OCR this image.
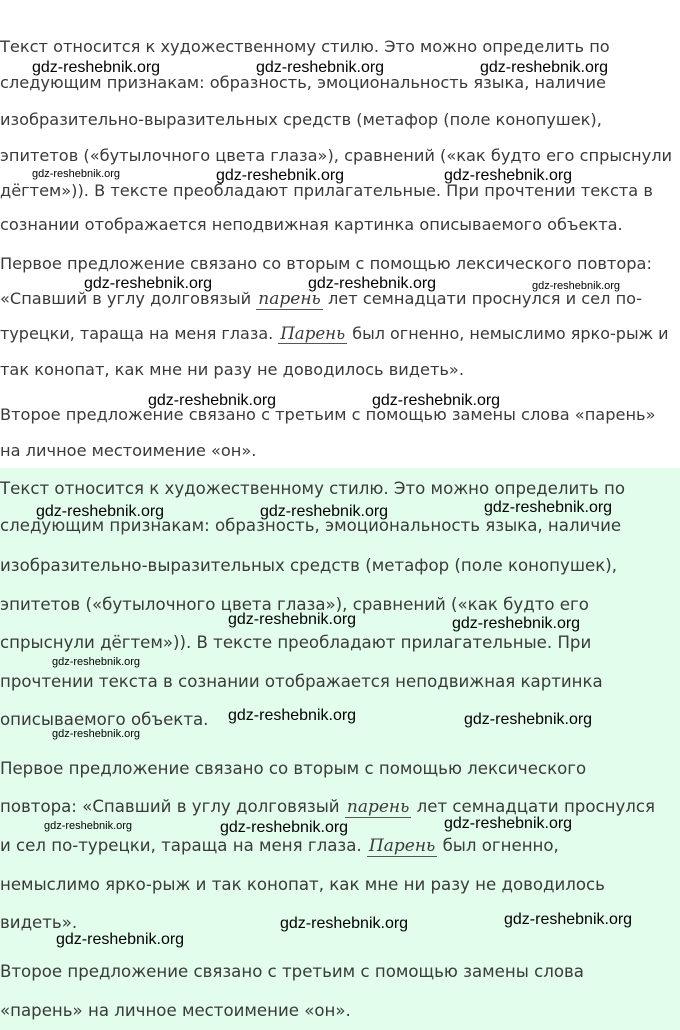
Текст относится к художественному стилю. Это можно определить по
следующим признакам: образность, эмоциональность языка, наличие
изобразительно-выразительных средств (метафор (поле конопушек),
эпитетов («бутылочного цвета глаза»), сравнений («как будто его спрыснули
дёгтем»)). В тексте преобладают прилагательные. При прочтении текста в
сознании отображается неподвижная картинка описываемого объекта.
Первое предложение связано со вторым с помощью лексического повтора:
«Спавший в углу долговязый парень лет семнадцати проснулся и сел по-
турецки, тараща на меня глаза. Парень был огненно, немыслимо ярко-рыж и
так конопат, как мне ни разу не доводилось видеть».
Второе предложение связано с третьим с помощью замены слова «парень»
на личное местоимение «он».
gdz-reshebnik.org	gdz-reshebnik.org	gdz-reshebnik.org
gdz-reshebnik.org	gdz-reshebnik.org	gdz-reshebnik.org
gdz-reshebnik.org	gdz-reshebnik.org	gdz-reshebnik.org
gdz-reshebnik.org	gdz-reshebnik.org
Текст относится к художественному стилю. Это можно определить по
следующим признакам: образность, эмоциональность языка, наличие
изобразительно-выразительных средств (метафор (поле конопушек),
эпитетов («бутылочного цвета глаза»), сравнений («как будто его
спрыснули дёгтем»)). В тексте преобладают прилагательные. При
прочтении текста в сознании отображается неподвижная картинка
описываемого объекта.
Первое предложение связано со вторым с помощью лексического
повтора: «Спавший в углу долговязый парень лет семнадцати проснулся
и сел по-турецки, тараща на меня глаза. Парень был огненно,
немыслимо ярко-рыж и так конопат, как мне ни разу не доводилось
видеть».
Второе предложение связано с третьим с помощью замены слова
«парень» на личное местоимение «он».
gdz-reshebnik.org	gdz-reshebnik.org	gdz-reshebnik.org
gdz-reshebnik.org	gdz-reshebnik.org
gdz-reshebnik.org
gdz-reshebnik.org	gdz-reshebnik.org
gdz-reshebnik.org
gdz-reshebnik.org	gdz-reshebnik.org	gdz-reshebnik.org
gdz-reshebnik.org	gdz-reshebnik.org
gdz-reshebnik.org
